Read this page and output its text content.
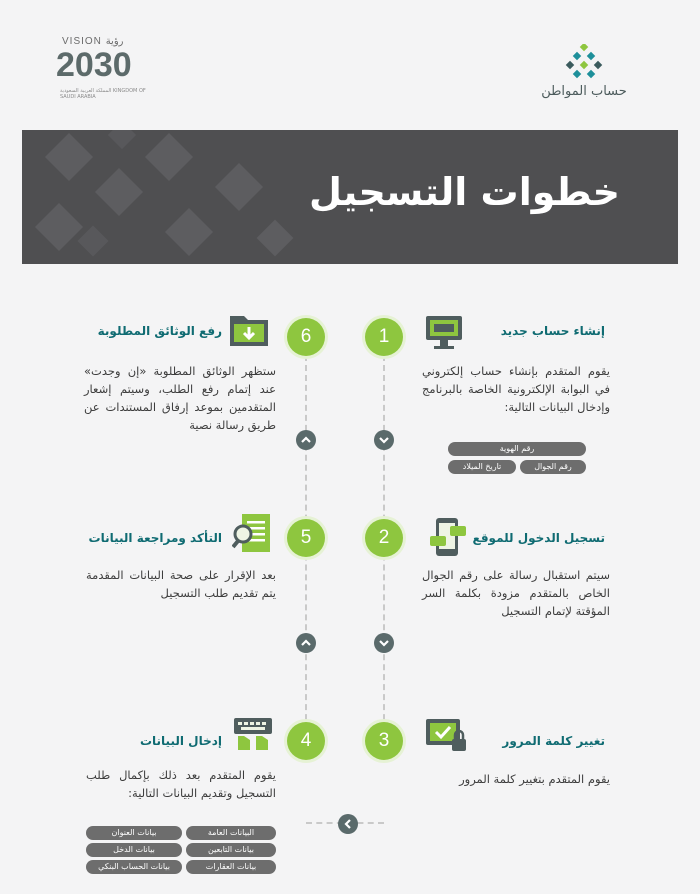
VISION رؤية
2030
المملكة العربية السعودية KINGDOM OF SAUDI ARABIA	حساب المواطن
خطوات التسجيل
1
2
3
4
5
6	إنشاء حساب جديد
يقوم المتقدم بإنشاء حساب إلكتروني في البوابة الإلكترونية الخاصة بالبرنامج وإدخال البيانات التالية:
رقم الهوية
رقم الجوال
تاريخ الميلاد
تسجيل الدخول للموقع
سيتم استقبال رسالة على رقم الجوال الخاص بالمتقدم مزودة بكلمة السر المؤقتة لإتمام التسجيل
تغيير كلمة المرور
يقوم المتقدم بتغيير كلمة المرور
رفع الوثائق المطلوبة
ستظهر الوثائق المطلوبة «إن وجدت» عند إتمام رفع الطلب، وسيتم إشعار المتقدمين بموعد إرفاق المستندات عن طريق رسالة نصية
التأكد ومراجعة البيانات
بعد الإقرار على صحة البيانات المقدمة يتم تقديم طلب التسجيل
إدخال البيانات
يقوم المتقدم بعد ذلك بإكمال طلب التسجيل وتقديم البيانات التالية:
البيانات العامة
بيانات العنوان
بيانات التابعين
بيانات الدخل
بيانات العقارات
بيانات الحساب البنكي
